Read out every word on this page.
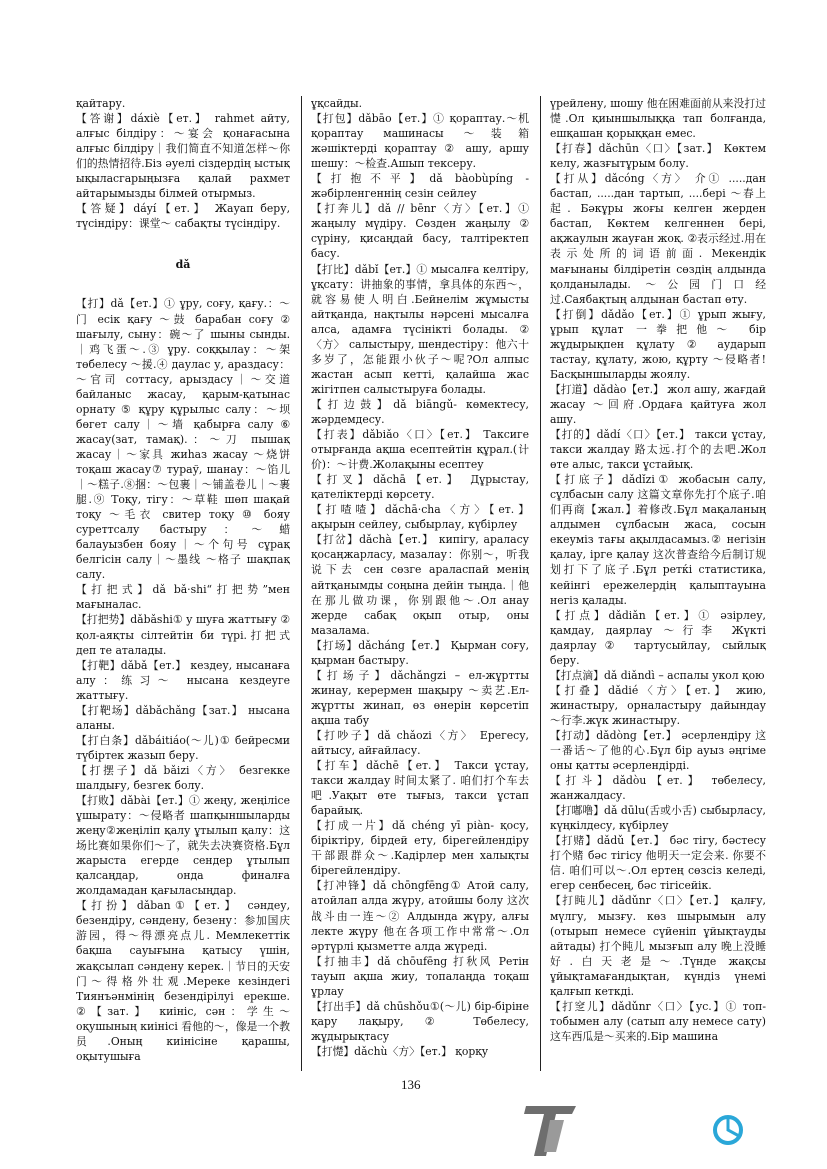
қайтару.

【答谢】dáxiè【ет.】 rahmet aйту, алғыс білдіру：～宴会 қонағасына алғыс білдіру｜我们简直不知道怎样～你们的热情招待.Біз әуелі сіздердің ыстық ықыласгарыңызға қалай рахмет айтарымызды білмей отырмыз.

【答疑】dáyí【ет.】 Жауап беру, түсіндіру：课堂～ сабақты түсіндіру.

dǎ

【打】dǎ【ет.】① ұру, соғу, қағу.：～门 есік қағу ～鼓 барабан соғу ② шағылу, сыну：碗～了 шыны сынды.｜鸡飞蛋～.③ ұру. соққылау：～架 төбелесу ～援.④ даулас у, араздасу：～官司 соттасу, арыздасу｜～交道 байланыс жасау, қарым-қатынас орнату ⑤ құру құрылыс салу：～坝 бөгет салу｜～墙 қабырға салу ⑥ жасау(зат, тамақ).：～刀 пышақ жасау｜～家具 жиһаз жасау ～烧饼 тоқаш жасау⑦ тураў, шанау：～馅儿｜～糕子.⑧捆：～包裹｜～铺盖卷儿｜～裹腿.⑨ Тоқу, тігу：～草鞋 шөп шақай тоқу ～毛衣 свитер тоқу ⑩ бояу суреттсалу бастыру：～蜡 балауызбен бояу｜～个句号 сұрақ белгісін салу｜～墨线 ～格子 шақпақ салу.

【打把式】dǎ bǎ·shi“打把势”мен мағыналас.

【打把势】dǎbǎshi① у шуға жаттығу ② қол-аяқты сілтейтін би түрі.打把式 деп те аталады.

【打靶】dǎbǎ【ет.】 кездеу, нысанаға алу：练习～ нысана кездеуге жаттығу.

【打靶场】dǎbǎchǎng【зат.】 нысана аланы.

【打白条】dǎbáitiáo(～儿)① бейресми түбіртек жазып беру.

【打摆子】dǎ bǎizi〈方〉 безгекке шалдығу, безгек болу.

【打败】dǎbài【ет.】① жеңу, жеңілісе ұшырату：～侵略者 шапқыншыларды жеңу②жеңіліп қалу ұтылып қалу：这场比赛如果你们～了，就失去决赛资格.Бұл жарыста егерде сендер ұтылып қалсаңдар, онда финалға жолдамадан қағыласыңдар.

【打扮】dǎban①【ет.】 сәндеу, безендіру, сәндену, безену：参加国庆游园，得～得漂亮点儿. Мемлекеттік бақша сауығына қатысу үшін, жақсылап сәндену керек.｜节日的天安门～得格外壮观.Мереке кезіндегі Тиянъәнмінің безендірілуі ерекше. ②【зат.】 киініс, сән：学生～ оқушының киінісі 看他的～，像是一个教员.Оның киінісіне қарашы, оқытушыға

ұқсайды.

【打包】dǎbāo【ет.】① қораптау.～机 қораптау машинасы ～装箱 жәшіктерді қораптау ② ашу, аршу шешу：～检查.Ашып тексеру.

【打抱不平】dǎ bàobùpíng - жәбірленгеннің сезін сейлеу

【打奔儿】dǎ // bēnr〈方〉【ет.】① жаңылу мүдіру. Сөзден жаңылу ② сүріну, қисаңдай басу, талтіректеп басу.

【打比】dǎbǐ【ет.】① мысалға келтіру, ұқсату：讲抽象的事情，拿具体的东西～，就容易使人明白.Бейнелім жұмысты айтқанда, нақтылы нәрсені мысалға алса, адамға түсінікті болады. ②〈方〉 салыстыру, шендестіру：他六十多岁了，怎能跟小伙子～呢?Ол алпыс жастан асып кетті, қалайша жас жігітпен салыстыруға болады.

【打边鼓】dǎ biāngǔ- көмектесу, жәрдемдесу.

【打表】dǎbiǎo〈口〉【ет.】 Таксиге отырғанда ақша есептейтін құрал.(计价)：～计费.Жолақыны есептеу

【打叉】dǎchā【ет.】 Дұрыстау, қателіктерді көрсету.

【打喳喳】dǎchā·cha〈方〉【ет.】 ақырын сейлеу, сыбырлау, күбірлеу

【打岔】dǎchà【ет.】 кипігу, араласу қосаңжарласу, мазалау：你别～，听我说下去 сен сөзге араласпай менің айтқанымды соңына дейін тыңда.｜他在那儿做功课，你别跟他～.Ол анау жерде сабақ оқып отыр, оны мазалама.

【打场】dǎcháng【ет.】 Қырман соғу, қырман бастыру.

【打场子】dǎchǎngzi – ел-жұртты жинау, керермен шақыру ～卖艺.Ел-жұртты жинап, өз өнерін көрсетіп ақша табу

【打吵子】dǎ chǎozi〈方〉 Ерегесу, айтысу, айғайласу.

【打车】dǎchē【ет.】 Такси ұстау, такси жалдау 时间太紧了. 咱们打个车去吧.Уақыт өте тығыз, такси ұстап барайық.

【打成一片】dǎ chéng yī piàn- қосу, біріктіру, бірдей ету, бірегейлендіру 干部跟群众～.Кадірлер мен халықты бірегейлендіру.

【打冲锋】dǎ chōngfēng① Атой салу, атойлап алда жүру, атойшы болу 这次战斗由一连～② Алдында жүру, алғы лекте жүру 他在各项工作中常常～.Ол әртүрлі қызметте алда жүреді.

【打抽丰】dǎ chōufēng 打秋风 Ретін тауып ақша жиу, топалаңда тоқаш ұрлау

【打出手】dǎ chūshǒu①(～儿) бір-біріне қару лақыру, ② Төбелесу, жұдырықтасу

【打憷】dǎchù〈方〉【ет.】 қорқу

үрейлену, шошу 他在困难面前从来没打过憷.Ол қиыншылыққа тап болғанда, ешқашан қорыққан емес.

【打春】dǎchūn〈口〉【зат.】 Көктем келу, жазғытұрым болу.

【打从】dǎcóng〈方〉 介① .....дан бастап, .....дан тартып, ....бері ～春上起. Бәкұры жоғы келген жерден бастап, Көктем келгеннен бері, ақжаулын жауған жоқ. ②表示经过.用在表示处所的词语前面. Мекендік мағынаны білдіретін сөздің алдында қолданылады. ～公园门口经过.Саябақтың алдынан бастап өту.

【打倒】dǎdǎo【ет.】① ұрып жығу, ұрып құлат 一拳把他～ бір жұдырықпен құлату ② аударып тастау, құлату, жою, құрту ～侵略者! Басқыншыларды жоялу.

【打道】dǎdào【ет.】 жол ашу, жағдай жасау ～回府.Ордаға қайтуға жол ашу.

【打的】dǎdí〈口〉【ет.】 такси ұстау, такси жалдау 路太远.打个的去吧.Жол өте алыс, такси ұстайық.

【打底子】dǎdǐzi① жобасын салу, сұлбасын салу 这篇文章你先打个底子.咱们再商【жал.】着修改.Бұл мақаланың алдымен сұлбасын жаса, сосын екеуміз тағы ақылдасамыз.② негізін қалау, ірге қалау 这次普查给今后制订规划打下了底子.Бұл ретќі статистика, кейінгі ережелердің қалыптауына негіз қалады.

【打点】dǎdiǎn【ет.】① әзірлеу, қамдау, даярлау ～行李 Жүкті даярлау② тартусыйлау, сыйлық беру.

【打点滴】dǎ diǎndì – аспалы укол қою

【打叠】dǎdié〈方〉【ет.】 жию, жинастыру, орналастыру дайындау ～行李.жүк жинастыру.

【打动】dǎdòng【ет.】 әсерлендіру 这一番话～了他的心.Бұл бір ауыз әңгіме оны қатты әсерлендірді.

【打斗】dǎdòu【ет.】 төбелесу, жанжалдасу.

【打嘟噜】dǎ dūlu(舌或小舌) сыбырласу, күңкілдесу, күбірлеу

【打赌】dǎdǔ【ет.】 бәс тігу, бәстесу 打个赌 бәс тігісу 他明天一定会来. 你要不信. 咱们可以～.Ол ертең сөзсіз келеді, егер сенбесең, бәс тігісейік.

【打盹儿】dǎdǔnr〈口〉【ет.】 қалғу, мүлгу, мызғу. көз шырымын алу (отырып немесе сүйеніп ұйықтауды айтады) 打个盹儿 мызғып алу 晚上没睡好.白天老是～.Түнде жақсы ұйықтамағандықтан, күндіз үнемі қалғып кеткді.

【打窆儿】dǎdǔnr〈口〉【ус.】① топ-тобымен алу (сатып алу немесе сату) 这车西瓜是～买来的.Бір машина

136
